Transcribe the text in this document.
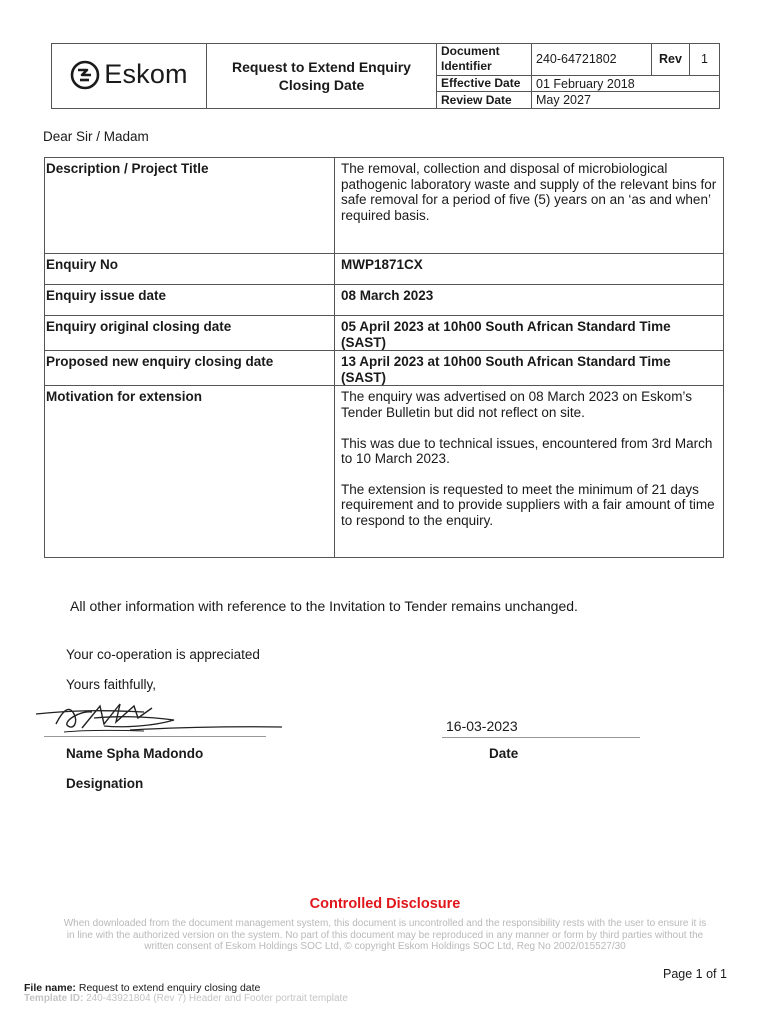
Eskom	Request to Extend Enquiry Closing Date	Document Identifier	240-64721802	Rev	1
		Effective Date	01 February 2018		
		Review Date	May 2027		
Dear Sir / Madam
Description / Project Title	The removal, collection and disposal of microbiological pathogenic laboratory waste and supply of the relevant bins for safe removal for a period of five (5) years on an ‘as and when’ required basis.
Enquiry No	MWP1871CX
Enquiry issue date	08 March 2023
Enquiry original closing date	05 April 2023 at 10h00 South African Standard Time (SAST)
Proposed new enquiry closing date	13 April 2023 at 10h00 South African Standard Time (SAST)
Motivation for extension	The enquiry was advertised on 08 March 2023 on Eskom’s Tender Bulletin but did not reflect on site.

This was due to technical issues, encountered from 3rd March to 10 March 2023.

The extension is requested to meet the minimum of 21 days requirement and to provide suppliers with a fair amount of time to respond to the enquiry.

All other information with reference to the Invitation to Tender remains unchanged.
Your co-operation is appreciated
Yours faithfully,
16-03-2023
Name Spha Madondo	Date
Designation
Controlled Disclosure
When downloaded from the document management system, this document is uncontrolled and the responsibility rests with the user to ensure it is in line with the authorized version on the system. No part of this document may be reproduced in any manner or form by third parties without the written consent of Eskom Holdings SOC Ltd, © copyright Eskom Holdings SOC Ltd, Reg No 2002/015527/30
Page 1 of 1
File name: Request to extend enquiry closing date
Template ID: 240-43921804 (Rev 7) Header and Footer portrait template
